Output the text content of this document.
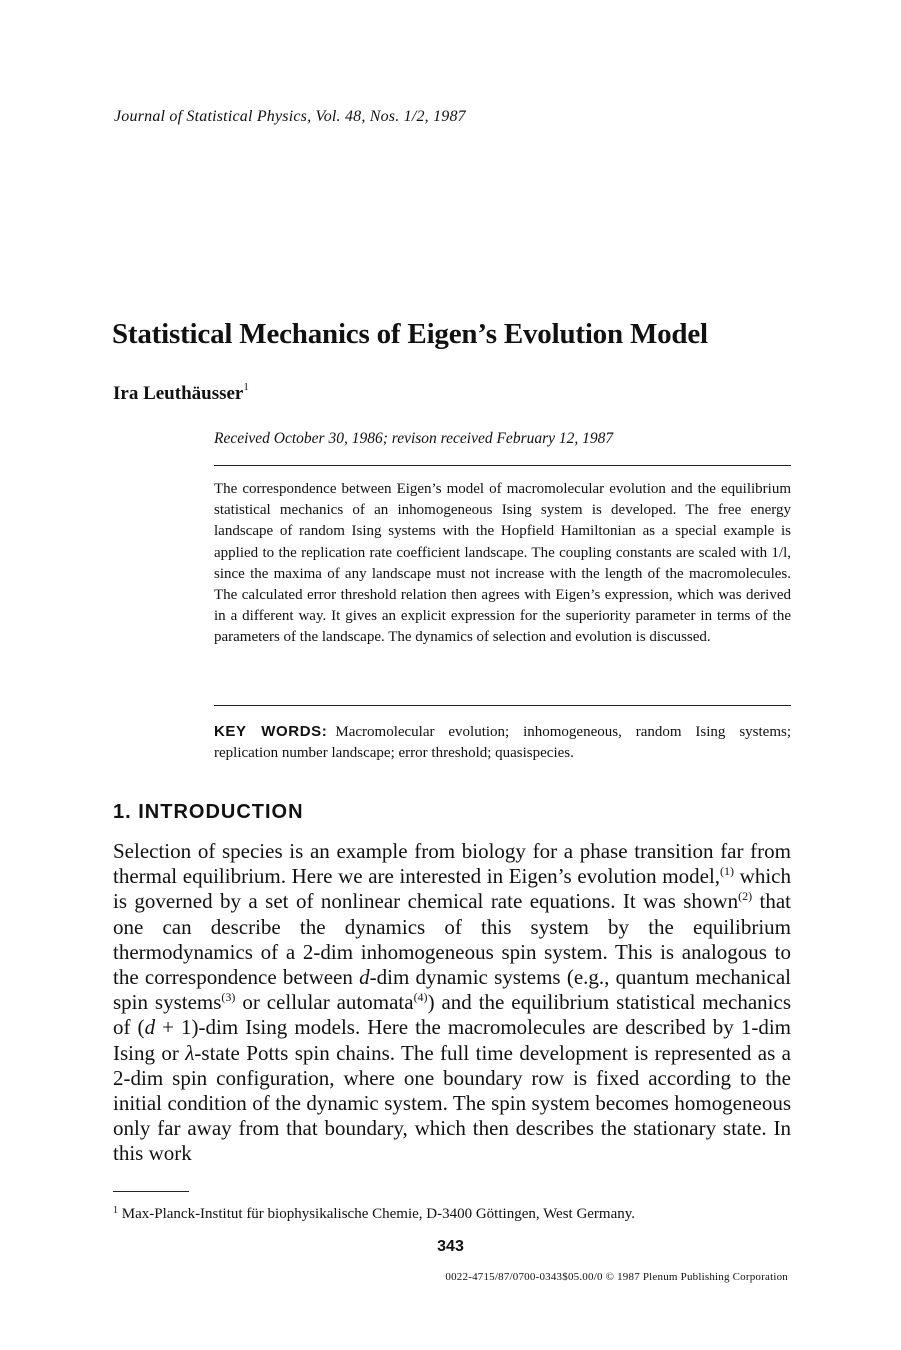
Journal of Statistical Physics, Vol. 48, Nos. 1/2, 1987
Statistical Mechanics of Eigen’s Evolution Model
Ira Leuthäusser$^1$
Received October 30, 1986; revison received February 12, 1987

The correspondence between Eigen’s model of macromolecular evolution and the equilibrium statistical mechanics of an inhomogeneous Ising system is developed. The free energy landscape of random Ising systems with the Hopfield Hamiltonian as a special example is applied to the replication rate coefficient landscape. The coupling constants are scaled with 1/l, since the maxima of any landscape must not increase with the length of the macromolecules. The calculated error threshold relation then agrees with Eigen’s expression, which was derived in a different way. It gives an explicit expression for the superiority parameter in terms of the parameters of the landscape. The dynamics of selection and evolution is discussed.

KEY WORDS: Macromolecular evolution; inhomogeneous, random Ising systems; replication number landscape; error threshold; quasispecies.

1. INTRODUCTION

Selection of species is an example from biology for a phase transition far from thermal equilibrium. Here we are interested in Eigen’s evolution model,$^{(1)}$ which is governed by a set of nonlinear chemical rate equations. It was shown$^{(2)}$ that one can describe the dynamics of this system by the equilibrium thermodynamics of a 2-dim inhomogeneous spin system. This is analogous to the correspondence between d-dim dynamic systems (e.g., quantum mechanical spin systems$^{(3)}$ or cellular automata$^{(4)}$) and the equilibrium statistical mechanics of (d + 1)-dim Ising models. Here the macromolecules are described by 1-dim Ising or λ-state Potts spin chains. The full time development is represented as a 2-dim spin configuration, where one boundary row is fixed according to the initial condition of the dynamic system. The spin system becomes homogeneous only far away from that boundary, which then describes the stationary state. In this work

$^1$ Max-Planck-Institut für biophysikalische Chemie, D-3400 Göttingen, West Germany.
343
0022-4715/87/0700-0343$05.00/0 © 1987 Plenum Publishing Corporation
